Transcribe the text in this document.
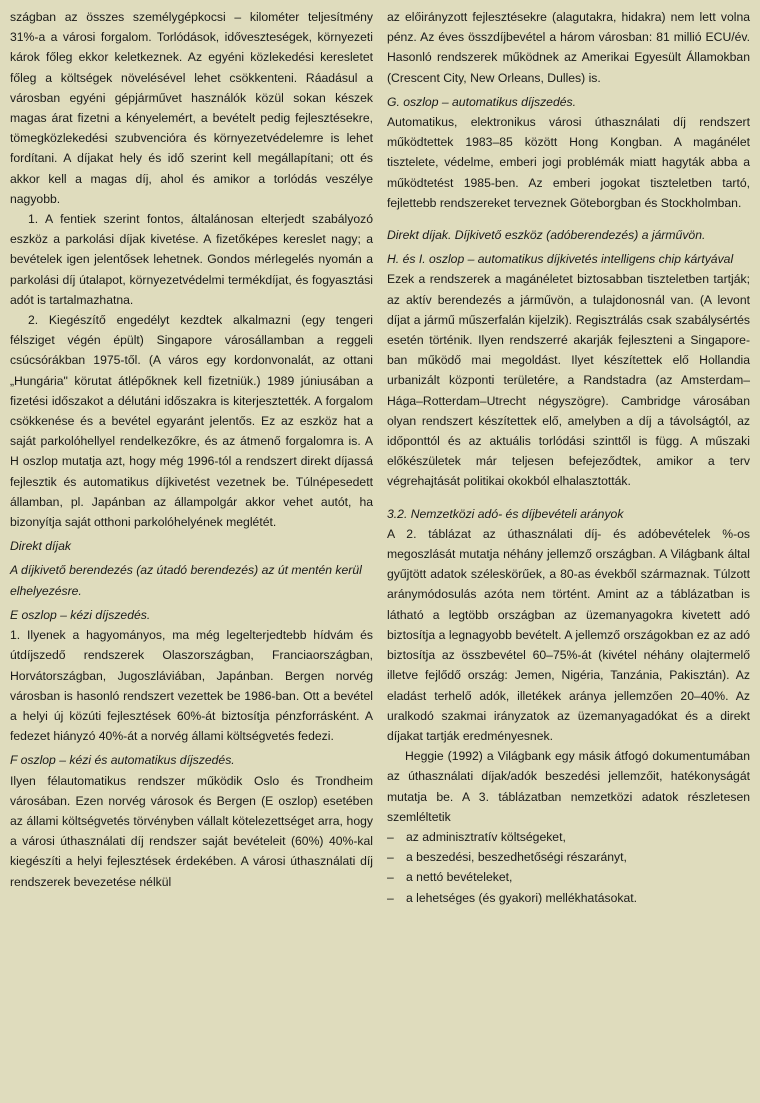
szágban az összes személygépkocsi – kilométer teljesítmény 31%-a a városi forgalom. Torlódások, időveszteségek, környezeti károk főleg ekkor keletkeznek. Az egyéni közlekedési keresletet főleg a költségek növelésével lehet csökkenteni. Ráadásul a városban egyéni gépjárművet használók közül sokan készek magas árat fizetni a kényelemért, a bevételt pedig fejlesztésekre, tömegközlekedési szubvencióra és környezetvédelemre is lehet fordítani. A díjakat hely és idő szerint kell megállapítani; ott és akkor kell a magas díj, ahol és amikor a torlódás veszélye nagyobb.

1. A fentiek szerint fontos, általánosan elterjedt szabályozó eszköz a parkolási díjak kivetése. A fizetőképes kereslet nagy; a bevételek igen jelentősek lehetnek. Gondos mérlegelés nyomán a parkolási díj útalapot, környezetvédelmi termékdíjat, és fogyasztási adót is tartalmazhatna.

2. Kiegészítő engedélyt kezdtek alkalmazni (egy tengeri félsziget végén épült) Singapore városállamban a reggeli csúcsórákban 1975-től. (A város egy kordonvonalát, az ottani „Hungária" körutat átlépőknek kell fizetniük.) 1989 júniusában a fizetési időszakot a délutáni időszakra is kiterjesztették. A forgalom csökkenése és a bevétel egyaránt jelentős. Ez az eszköz hat a saját parkolóhellyel rendelkezőkre, és az átmenő forgalomra is. A H oszlop mutatja azt, hogy még 1996-tól a rendszert direkt díjassá fejlesztik és automatikus díjkivetést vezetnek be. Túlnépesedett államban, pl. Japánban az állampolgár akkor vehet autót, ha bizonyítja saját otthoni parkolóhelyének meglétét.

Direkt díjak

A díjkivető berendezés (az útadó berendezés) az út mentén kerül elhelyezésre.

E oszlop – kézi díjszedés.

1. Ilyenek a hagyományos, ma még legelterjedtebb hídvám és útdíjszedő rendszerek Olaszországban, Franciaországban, Horvátországban, Jugoszláviában, Japánban. Bergen norvég városban is hasonló rendszert vezettek be 1986-ban. Ott a bevétel a helyi új közúti fejlesztések 60%-át biztosítja pénzforrásként. A fedezet hiányzó 40%-át a norvég állami költségvetés fedezi.

F oszlop – kézi és automatikus díjszedés.

Ilyen félautomatikus rendszer működik Oslo és Trondheim városában. Ezen norvég városok és Bergen (E oszlop) esetében az állami költségvetés törvényben vállalt kötelezettséget arra, hogy a városi úthasználati díj rendszer saját bevételeit (60%) 40%-kal kiegészíti a helyi fejlesztések érdekében. A városi úthasználati díj rendszerek bevezetése nélkül

az előirányzott fejlesztésekre (alagutakra, hidakra) nem lett volna pénz. Az éves összdíjbevétel a három városban: 81 millió ECU/év. Hasonló rendszerek működnek az Amerikai Egyesült Államokban (Crescent City, New Orleans, Dulles) is.

G. oszlop – automatikus díjszedés.

Automatikus, elektronikus városi úthasználati díj rendszert működtettek 1983–85 között Hong Kongban. A magánélet tisztelete, védelme, emberi jogi problémák miatt hagyták abba a működtetést 1985-ben. Az emberi jogokat tiszteletben tartó, fejlettebb rendszereket terveznek Göteborgban és Stockholmban.

Direkt díjak. Díjkivető eszköz (adóberendezés) a járművön.

H. és I. oszlop – automatikus díjkivetés intelligens chip kártyával

Ezek a rendszerek a magánéletet biztosabban tiszteletben tartják; az aktív berendezés a járművön, a tulajdonosnál van. (A levont díjat a jármű műszerfalán kijelzik). Regisztrálás csak szabálysértés esetén történik. Ilyen rendszerré akarják fejleszteni a Singapore-ban működő mai megoldást. Ilyet készítettek elő Hollandia urbanizált központi területére, a Randstadra (az Amsterdam–Hága–Rotterdam–Utrecht négyszögre). Cambridge városában olyan rendszert készítettek elő, amelyben a díj a távolságtól, az időponttól és az aktuális torlódási szinttől is függ. A műszaki előkészületek már teljesen befejeződtek, amikor a terv végrehajtását politikai okokból elhalasztották.

3.2. Nemzetközi adó- és díjbevételi arányok

A 2. táblázat az úthasználati díj- és adóbevételek %-os megoszlását mutatja néhány jellemző országban. A Világbank által gyűjtött adatok széleskörűek, a 80-as évekből származnak. Túlzott aránymódosulás azóta nem történt. Amint az a táblázatban is látható a legtöbb országban az üzemanyagokra kivetett adó biztosítja a legnagyobb bevételt. A jellemző országokban ez az adó biztosítja az összbevétel 60–75%-át (kivétel néhány olajtermelő illetve fejlődő ország: Jemen, Nigéria, Tanzánia, Pakisztán). Az eladást terhelő adók, illetékek aránya jellemzően 20–40%. Az uralkodó szakmai irányzatok az üzemanyagadókat és a direkt díjakat tartják eredményesnek.

Heggie (1992) a Világbank egy másik átfogó dokumentumában az úthasználati díjak/adók beszedési jellemzőit, hatékonyságát mutatja be. A 3. táblázatban nemzetközi adatok részletesen szemléltetik

– az adminisztratív költségeket,

– a beszedési, beszedhetőségi részarányt,

– a nettó bevételeket,

– a lehetséges (és gyakori) mellékhatásokat.
